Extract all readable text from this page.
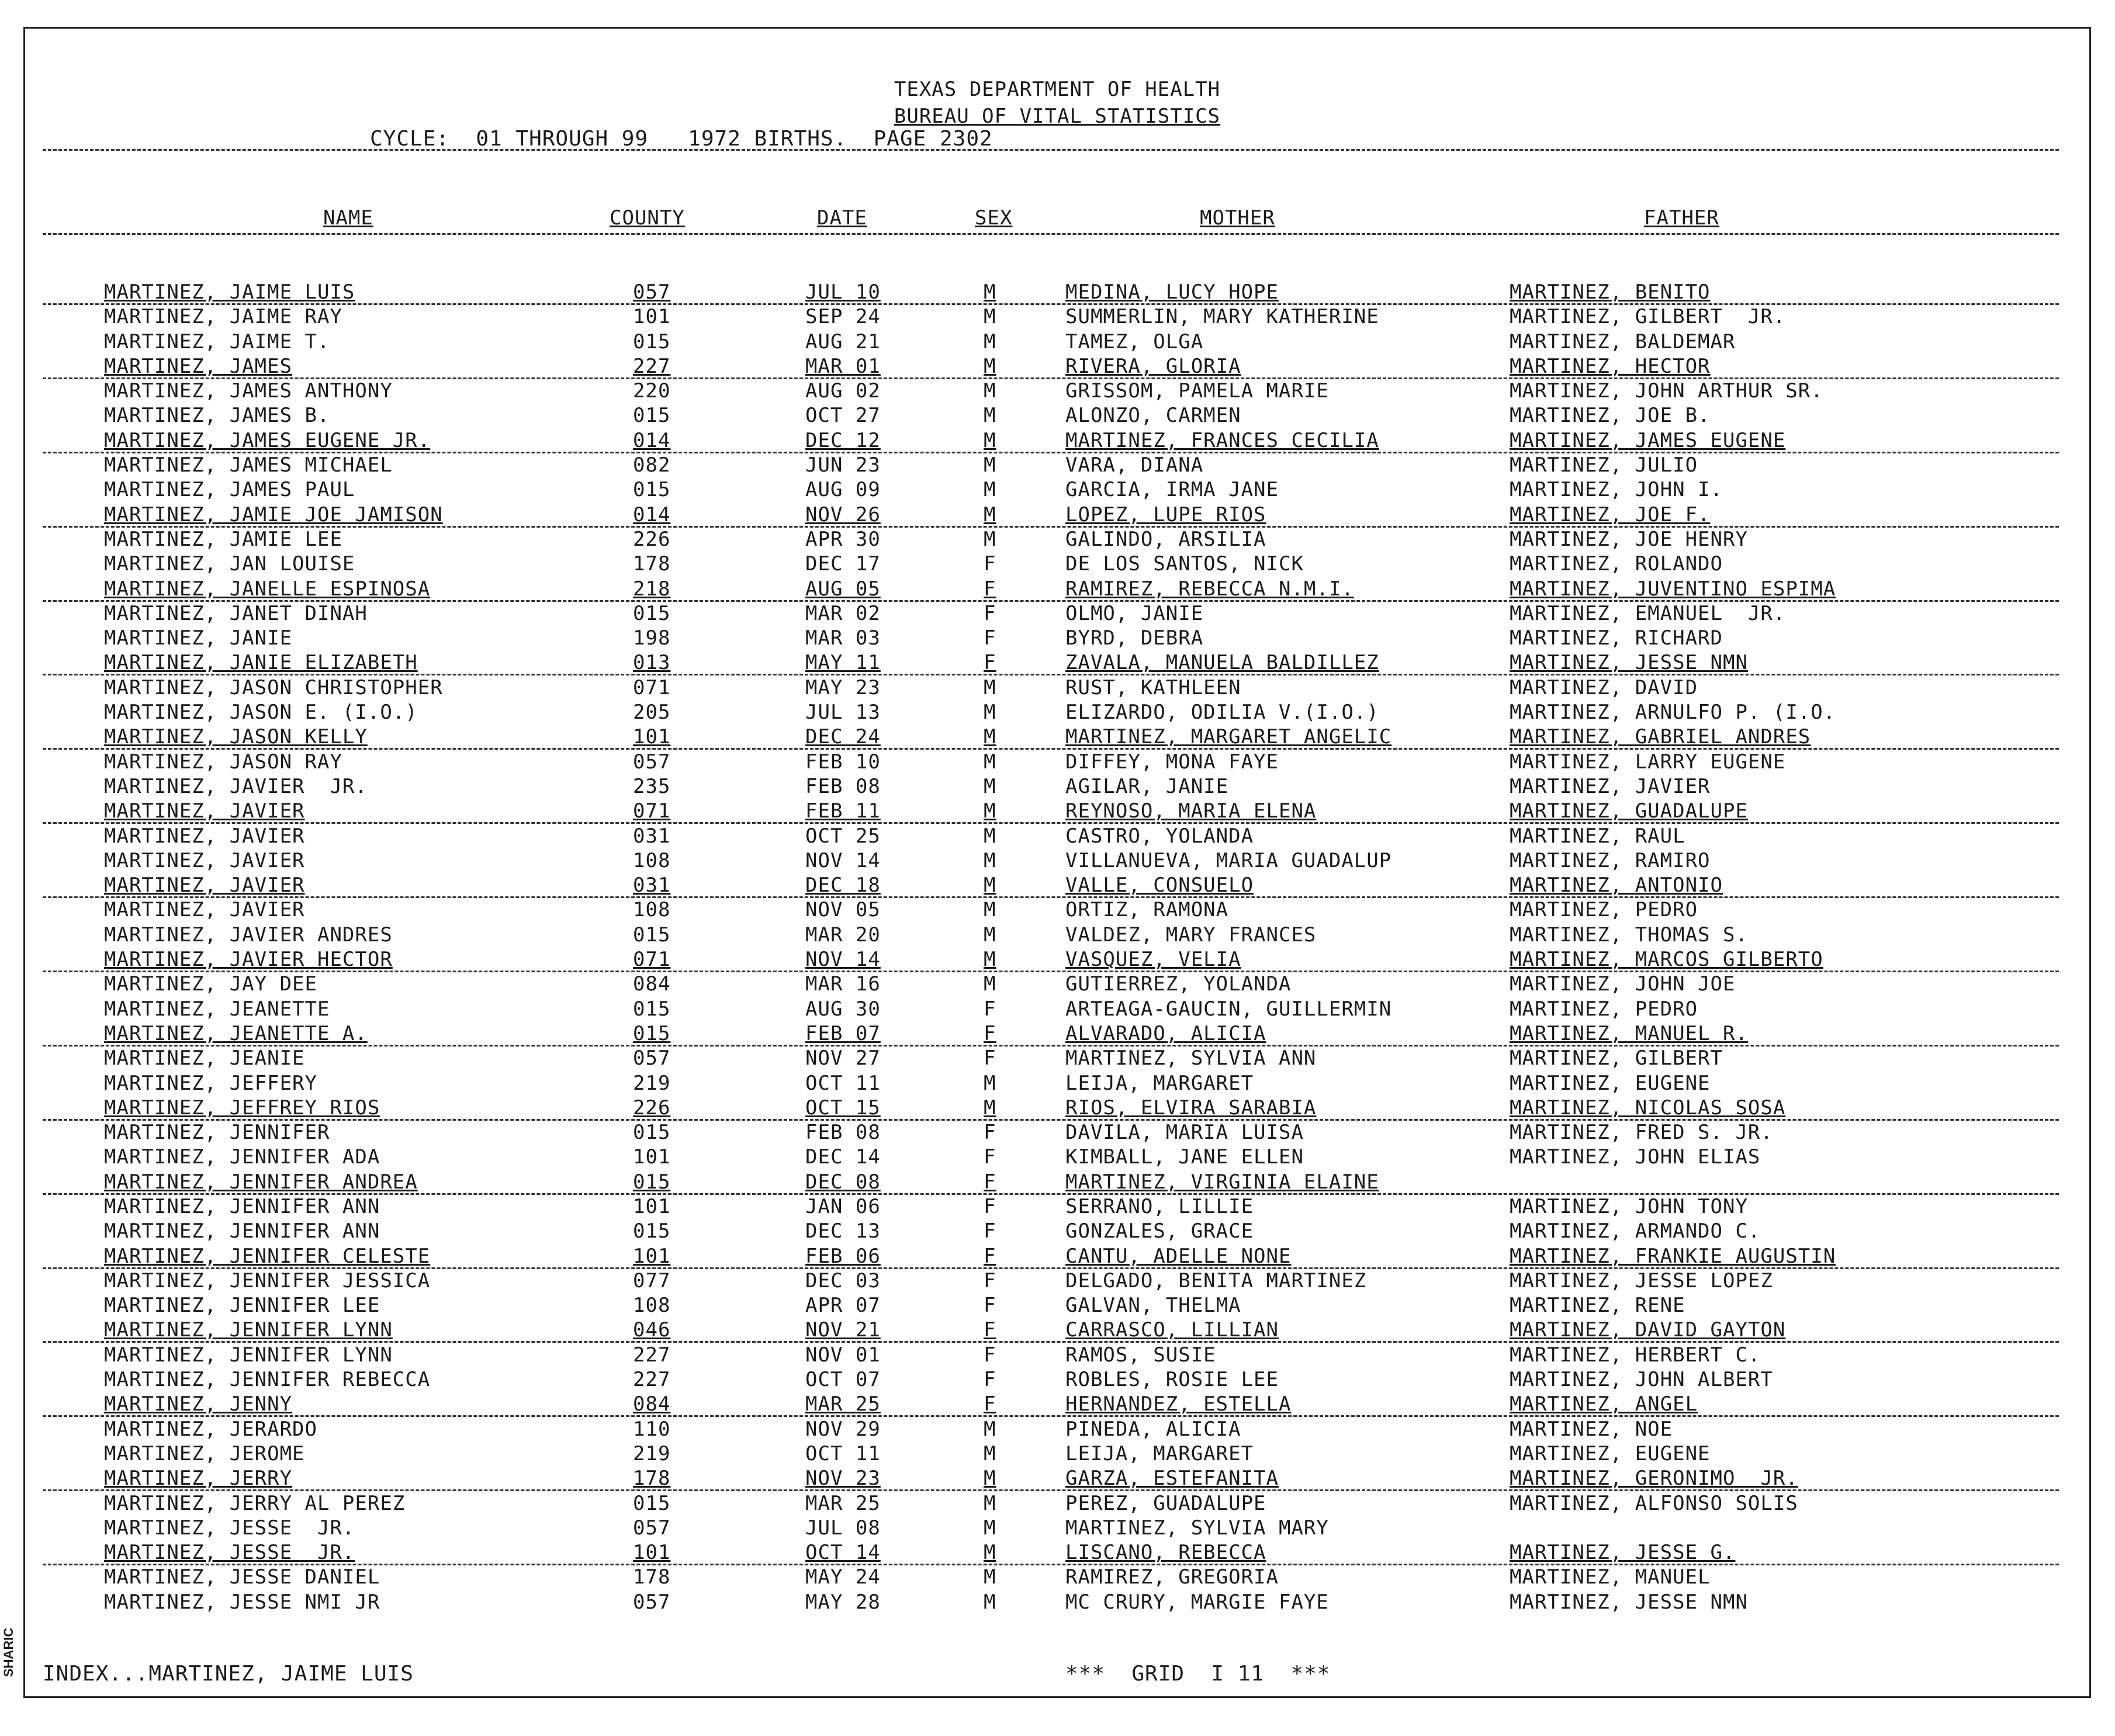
TEXAS DEPARTMENT OF HEALTH
BUREAU OF VITAL STATISTICS
CYCLE:  01 THROUGH 99   1972 BIRTHS.  PAGE 2302
NAME	COUNTY	DATE	SEX	MOTHER	FATHER
MARTINEZ, JAIME LUIS	057	JUL 10	M	MEDINA, LUCY HOPE	MARTINEZ, BENITO
MARTINEZ, JAIME RAY	101	SEP 24	M	SUMMERLIN, MARY KATHERINE	MARTINEZ, GILBERT  JR.
MARTINEZ, JAIME T.	015	AUG 21	M	TAMEZ, OLGA	MARTINEZ, BALDEMAR
MARTINEZ, JAMES	227	MAR 01	M	RIVERA, GLORIA	MARTINEZ, HECTOR
MARTINEZ, JAMES ANTHONY	220	AUG 02	M	GRISSOM, PAMELA MARIE	MARTINEZ, JOHN ARTHUR SR.
MARTINEZ, JAMES B.	015	OCT 27	M	ALONZO, CARMEN	MARTINEZ, JOE B.
MARTINEZ, JAMES EUGENE JR.	014	DEC 12	M	MARTINEZ, FRANCES CECILIA	MARTINEZ, JAMES EUGENE
MARTINEZ, JAMES MICHAEL	082	JUN 23	M	VARA, DIANA	MARTINEZ, JULIO
MARTINEZ, JAMES PAUL	015	AUG 09	M	GARCIA, IRMA JANE	MARTINEZ, JOHN I.
MARTINEZ, JAMIE JOE JAMISON	014	NOV 26	M	LOPEZ, LUPE RIOS	MARTINEZ, JOE F.
MARTINEZ, JAMIE LEE	226	APR 30	M	GALINDO, ARSILIA	MARTINEZ, JOE HENRY
MARTINEZ, JAN LOUISE	178	DEC 17	F	DE LOS SANTOS, NICK	MARTINEZ, ROLANDO
MARTINEZ, JANELLE ESPINOSA	218	AUG 05	F	RAMIREZ, REBECCA N.M.I.	MARTINEZ, JUVENTINO ESPIMA
MARTINEZ, JANET DINAH	015	MAR 02	F	OLMO, JANIE	MARTINEZ, EMANUEL  JR.
MARTINEZ, JANIE	198	MAR 03	F	BYRD, DEBRA	MARTINEZ, RICHARD
MARTINEZ, JANIE ELIZABETH	013	MAY 11	F	ZAVALA, MANUELA BALDILLEZ	MARTINEZ, JESSE NMN
MARTINEZ, JASON CHRISTOPHER	071	MAY 23	M	RUST, KATHLEEN	MARTINEZ, DAVID
MARTINEZ, JASON E. (I.O.)	205	JUL 13	M	ELIZARDO, ODILIA V.(I.O.)	MARTINEZ, ARNULFO P. (I.O.
MARTINEZ, JASON KELLY	101	DEC 24	M	MARTINEZ, MARGARET ANGELIC	MARTINEZ, GABRIEL ANDRES
MARTINEZ, JASON RAY	057	FEB 10	M	DIFFEY, MONA FAYE	MARTINEZ, LARRY EUGENE
MARTINEZ, JAVIER  JR.	235	FEB 08	M	AGILAR, JANIE	MARTINEZ, JAVIER
MARTINEZ, JAVIER	071	FEB 11	M	REYNOSO, MARIA ELENA	MARTINEZ, GUADALUPE
MARTINEZ, JAVIER	031	OCT 25	M	CASTRO, YOLANDA	MARTINEZ, RAUL
MARTINEZ, JAVIER	108	NOV 14	M	VILLANUEVA, MARIA GUADALUP	MARTINEZ, RAMIRO
MARTINEZ, JAVIER	031	DEC 18	M	VALLE, CONSUELO	MARTINEZ, ANTONIO
MARTINEZ, JAVIER	108	NOV 05	M	ORTIZ, RAMONA	MARTINEZ, PEDRO
MARTINEZ, JAVIER ANDRES	015	MAR 20	M	VALDEZ, MARY FRANCES	MARTINEZ, THOMAS S.
MARTINEZ, JAVIER HECTOR	071	NOV 14	M	VASQUEZ, VELIA	MARTINEZ, MARCOS GILBERTO
MARTINEZ, JAY DEE	084	MAR 16	M	GUTIERREZ, YOLANDA	MARTINEZ, JOHN JOE
MARTINEZ, JEANETTE	015	AUG 30	F	ARTEAGA-GAUCIN, GUILLERMIN	MARTINEZ, PEDRO
MARTINEZ, JEANETTE A.	015	FEB 07	F	ALVARADO, ALICIA	MARTINEZ, MANUEL R.
MARTINEZ, JEANIE	057	NOV 27	F	MARTINEZ, SYLVIA ANN	MARTINEZ, GILBERT
MARTINEZ, JEFFERY	219	OCT 11	M	LEIJA, MARGARET	MARTINEZ, EUGENE
MARTINEZ, JEFFREY RIOS	226	OCT 15	M	RIOS, ELVIRA SARABIA	MARTINEZ, NICOLAS SOSA
MARTINEZ, JENNIFER	015	FEB 08	F	DAVILA, MARIA LUISA	MARTINEZ, FRED S. JR.
MARTINEZ, JENNIFER ADA	101	DEC 14	F	KIMBALL, JANE ELLEN	MARTINEZ, JOHN ELIAS
MARTINEZ, JENNIFER ANDREA	015	DEC 08	F	MARTINEZ, VIRGINIA ELAINE
MARTINEZ, JENNIFER ANN	101	JAN 06	F	SERRANO, LILLIE	MARTINEZ, JOHN TONY
MARTINEZ, JENNIFER ANN	015	DEC 13	F	GONZALES, GRACE	MARTINEZ, ARMANDO C.
MARTINEZ, JENNIFER CELESTE	101	FEB 06	F	CANTU, ADELLE NONE	MARTINEZ, FRANKIE AUGUSTIN
MARTINEZ, JENNIFER JESSICA	077	DEC 03	F	DELGADO, BENITA MARTINEZ	MARTINEZ, JESSE LOPEZ
MARTINEZ, JENNIFER LEE	108	APR 07	F	GALVAN, THELMA	MARTINEZ, RENE
MARTINEZ, JENNIFER LYNN	046	NOV 21	F	CARRASCO, LILLIAN	MARTINEZ, DAVID GAYTON
MARTINEZ, JENNIFER LYNN	227	NOV 01	F	RAMOS, SUSIE	MARTINEZ, HERBERT C.
MARTINEZ, JENNIFER REBECCA	227	OCT 07	F	ROBLES, ROSIE LEE	MARTINEZ, JOHN ALBERT
MARTINEZ, JENNY	084	MAR 25	F	HERNANDEZ, ESTELLA	MARTINEZ, ANGEL
MARTINEZ, JERARDO	110	NOV 29	M	PINEDA, ALICIA	MARTINEZ, NOE
MARTINEZ, JEROME	219	OCT 11	M	LEIJA, MARGARET	MARTINEZ, EUGENE
MARTINEZ, JERRY	178	NOV 23	M	GARZA, ESTEFANITA	MARTINEZ, GERONIMO  JR.
MARTINEZ, JERRY AL PEREZ	015	MAR 25	M	PEREZ, GUADALUPE	MARTINEZ, ALFONSO SOLIS
MARTINEZ, JESSE  JR.	057	JUL 08	M	MARTINEZ, SYLVIA MARY
MARTINEZ, JESSE  JR.	101	OCT 14	M	LISCANO, REBECCA	MARTINEZ, JESSE G.
MARTINEZ, JESSE DANIEL	178	MAY 24	M	RAMIREZ, GREGORIA	MARTINEZ, MANUEL
MARTINEZ, JESSE NMI JR	057	MAY 28	M	MC CRURY, MARGIE FAYE	MARTINEZ, JESSE NMN
INDEX...MARTINEZ, JAIME LUIS	***  GRID  I 11  ***
SHARIC
